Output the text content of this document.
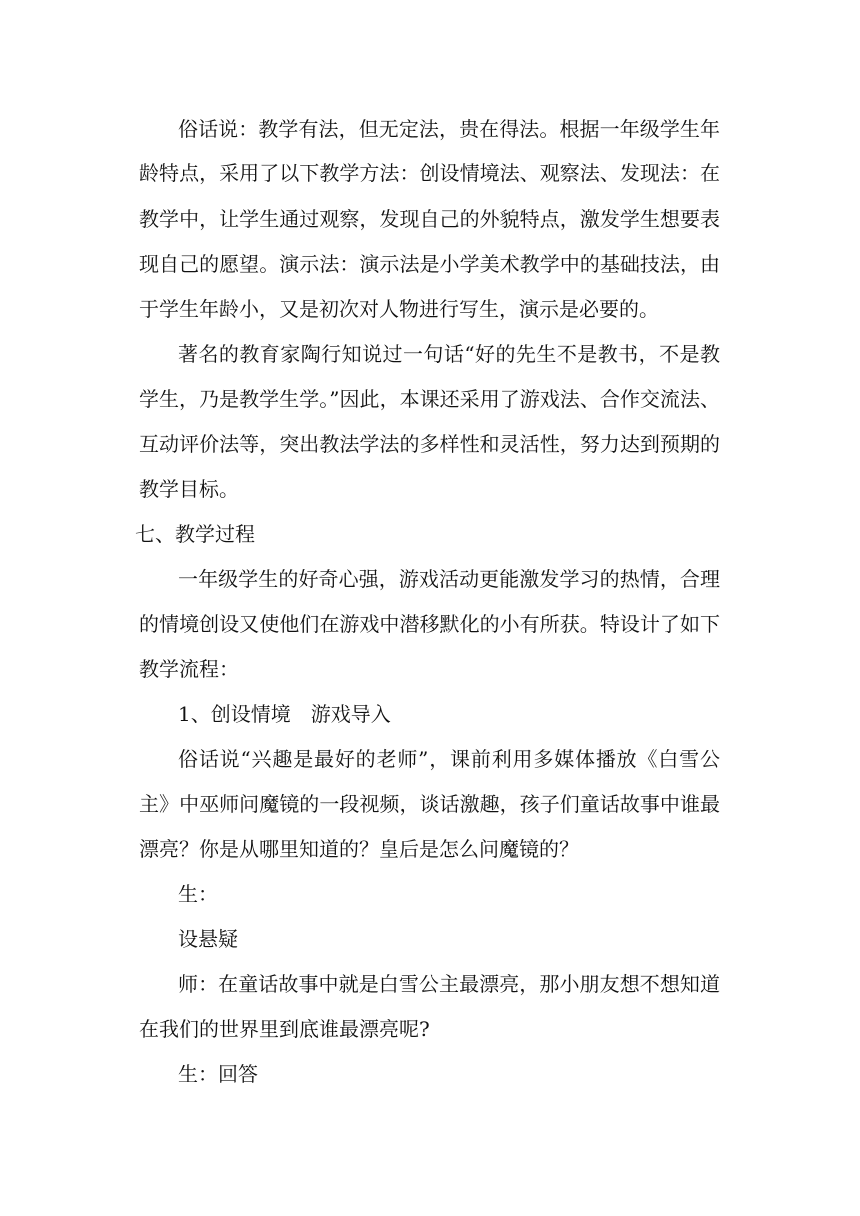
俗话说：教学有法，但无定法，贵在得法。根据一年级学生年

龄特点，采用了以下教学方法：创设情境法、观察法、发现法：在

教学中，让学生通过观察，发现自己的外貌特点，激发学生想要表

现自己的愿望。演示法：演示法是小学美术教学中的基础技法，由

于学生年龄小，又是初次对人物进行写生，演示是必要的。

著名的教育家陶行知说过一句话“好的先生不是教书，不是教

学生，乃是教学生学。”因此，本课还采用了游戏法、合作交流法、

互动评价法等，突出教法学法的多样性和灵活性，努力达到预期的

教学目标。

七、教学过程

一年级学生的好奇心强，游戏活动更能激发学习的热情，合理

的情境创设又使他们在游戏中潜移默化的小有所获。特设计了如下

教学流程：

1、创设情境　游戏导入

俗话说“兴趣是最好的老师”，课前利用多媒体播放《白雪公

主》中巫师问魔镜的一段视频，谈话激趣，孩子们童话故事中谁最

漂亮？你是从哪里知道的？皇后是怎么问魔镜的？

生：

设悬疑

师：在童话故事中就是白雪公主最漂亮，那小朋友想不想知道

在我们的世界里到底谁最漂亮呢?

生：回答
